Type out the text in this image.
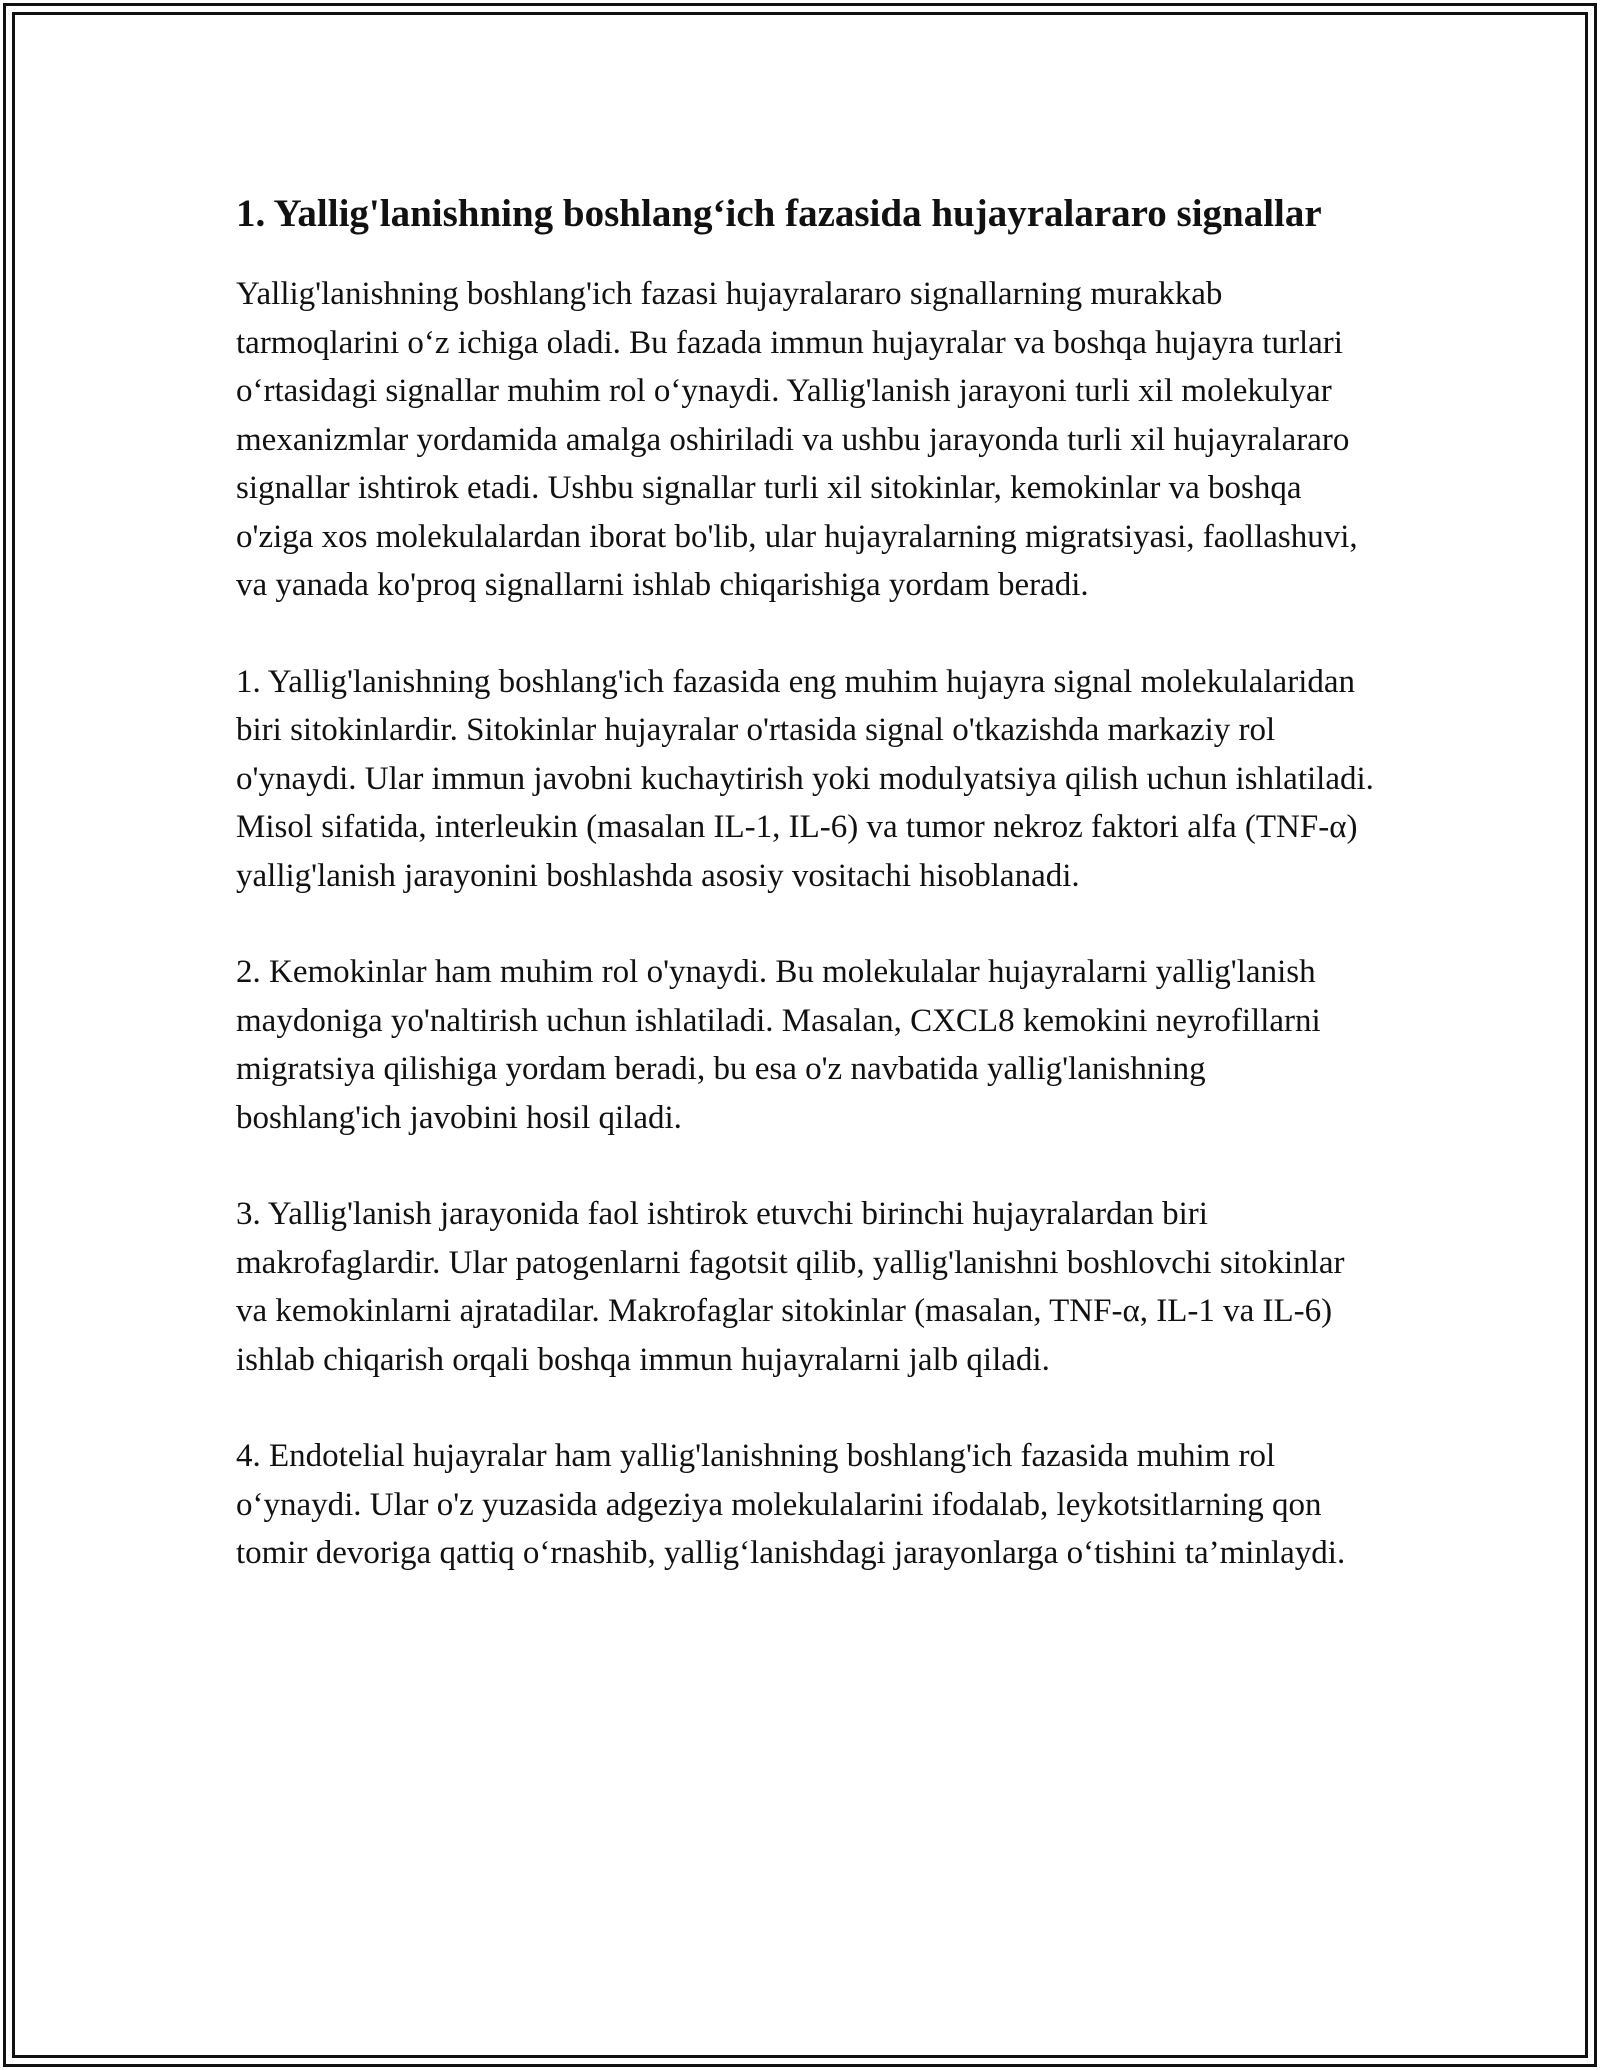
1. Yallig'lanishning boshlang‘ich fazasida hujayralararo signallar

Yallig'lanishning boshlang'ich fazasi hujayralararo signallarning murakkab tarmoqlarini o‘z ichiga oladi. Bu fazada immun hujayralar va boshqa hujayra turlari o‘rtasidagi signallar muhim rol o‘ynaydi. Yallig'lanish jarayoni turli xil molekulyar mexanizmlar yordamida amalga oshiriladi va ushbu jarayonda turli xil hujayralararo signallar ishtirok etadi. Ushbu signallar turli xil sitokinlar, kemokinlar va boshqa o'ziga xos molekulalardan iborat bo'lib, ular hujayralarning migratsiyasi, faollashuvi, va yanada ko'proq signallarni ishlab chiqarishiga yordam beradi.

1. Yallig'lanishning boshlang'ich fazasida eng muhim hujayra signal molekulalaridan biri sitokinlardir. Sitokinlar hujayralar o'rtasida signal o'tkazishda markaziy rol o'ynaydi. Ular immun javobni kuchaytirish yoki modulyatsiya qilish uchun ishlatiladi. Misol sifatida, interleukin (masalan IL-1, IL-6) va tumor nekroz faktori alfa (TNF-α) yallig'lanish jarayonini boshlashda asosiy vositachi hisoblanadi.

2. Kemokinlar ham muhim rol o'ynaydi. Bu molekulalar hujayralarni yallig'lanish maydoniga yo'naltirish uchun ishlatiladi. Masalan, CXCL8 kemokini neyrofillarni migratsiya qilishiga yordam beradi, bu esa o'z navbatida yallig'lanishning boshlang'ich javobini hosil qiladi.

3. Yallig'lanish jarayonida faol ishtirok etuvchi birinchi hujayralardan biri makrofaglardir. Ular patogenlarni fagotsit qilib, yallig'lanishni boshlovchi sitokinlar va kemokinlarni ajratadilar. Makrofaglar sitokinlar (masalan, TNF-α, IL-1 va IL-6) ishlab chiqarish orqali boshqa immun hujayralarni jalb qiladi.

4. Endotelial hujayralar ham yallig'lanishning boshlang'ich fazasida muhim rol o‘ynaydi. Ular o'z yuzasida adgeziya molekulalarini ifodalab, leykotsitlarning qon tomir devoriga qattiq o‘rnashib, yallig‘lanishdagi jarayonlarga o‘tishini ta’minlaydi.
